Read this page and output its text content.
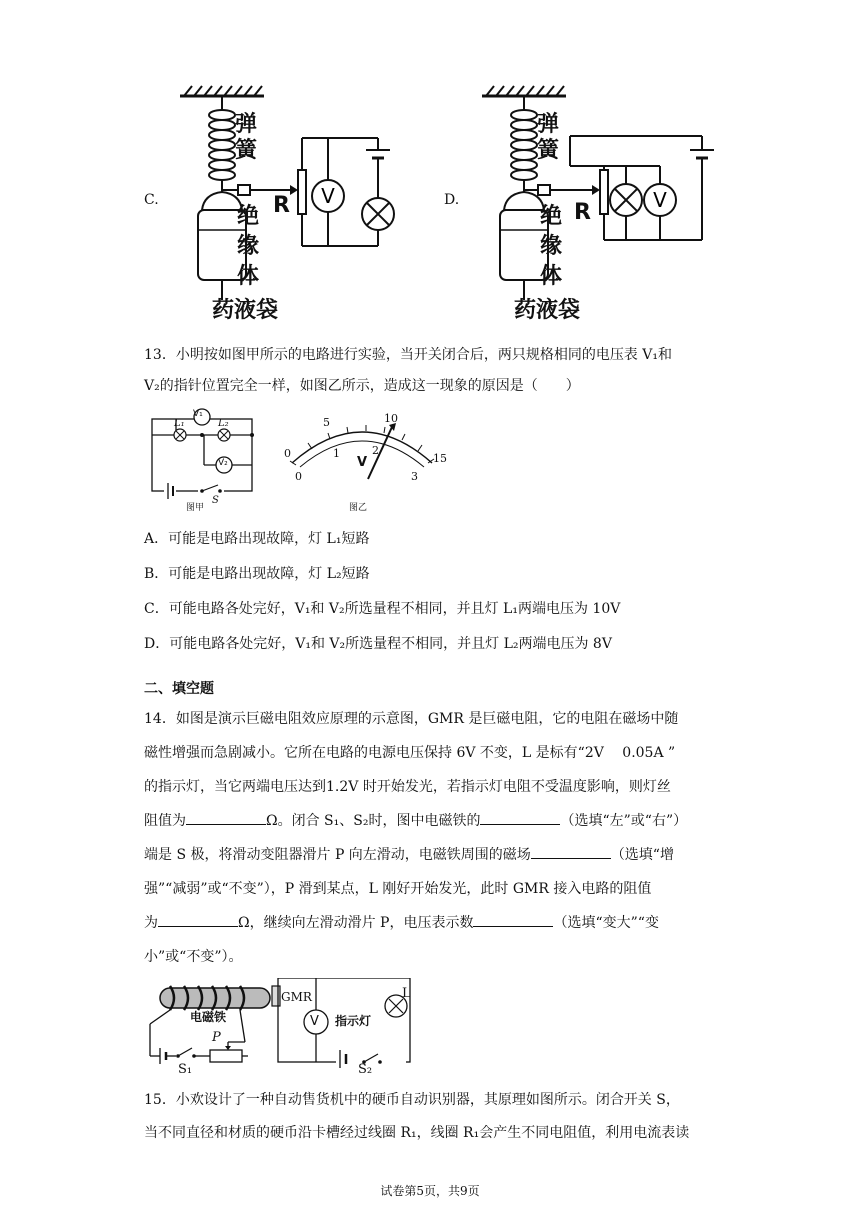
C.	V
弹
簧
R
绝
缘
体
药液袋
D.	V
弹
簧
R
绝
缘
体
药液袋
13．小明按如图甲所示的电路进行实验，当开关闭合后，两只规格相同的电压表 V₁和
V₂的指针位置完全一样，如图乙所示，造成这一现象的原因是（　　）
V₁
V₂
L₁	L₂
S
图甲
0
5	10
15
0
1	2
3
V
图乙
A．可能是电路出现故障，灯 L₁短路
B．可能是电路出现故障，灯 L₂短路
C．可能电路各处完好，V₁和 V₂所选量程不相同，并且灯 L₁两端电压为 10V
D．可能电路各处完好，V₁和 V₂所选量程不相同，并且灯 L₂两端电压为 8V
二、填空题
14．如图是演示巨磁电阻效应原理的示意图，GMR 是巨磁电阻，它的电阻在磁场中随
磁性增强而急剧减小。它所在电路的电源电压保持 6V 不变，L 是标有“2V　 0.05A ”
的指示灯，当它两端电压达到1.2V 时开始发光，若指示灯电阻不受温度影响，则灯丝
阻值为	Ω。闭合 S₁、S₂时，图中电磁铁的	（选填“左”或“右”）
端是 S 极，将滑动变阻器滑片 P 向左滑动，电磁铁周围的磁场	（选填“增
强”“减弱”或“不变”），P 滑到某点，L 刚好开始发光，此时 GMR 接入电路的阻值
为	Ω，继续向左滑动滑片 P，电压表示数	（选填“变大”“变
小”或“不变”）。
电磁铁
P
S₁
GMR
V 指示灯
L
S₂
15．小欢设计了一种自动售货机中的硬币自动识别器，其原理如图所示。闭合开关 S，
当不同直径和材质的硬币沿卡槽经过线圈 R₁，线圈 R₁会产生不同电阻值，利用电流表读
试卷第5页，共9页
